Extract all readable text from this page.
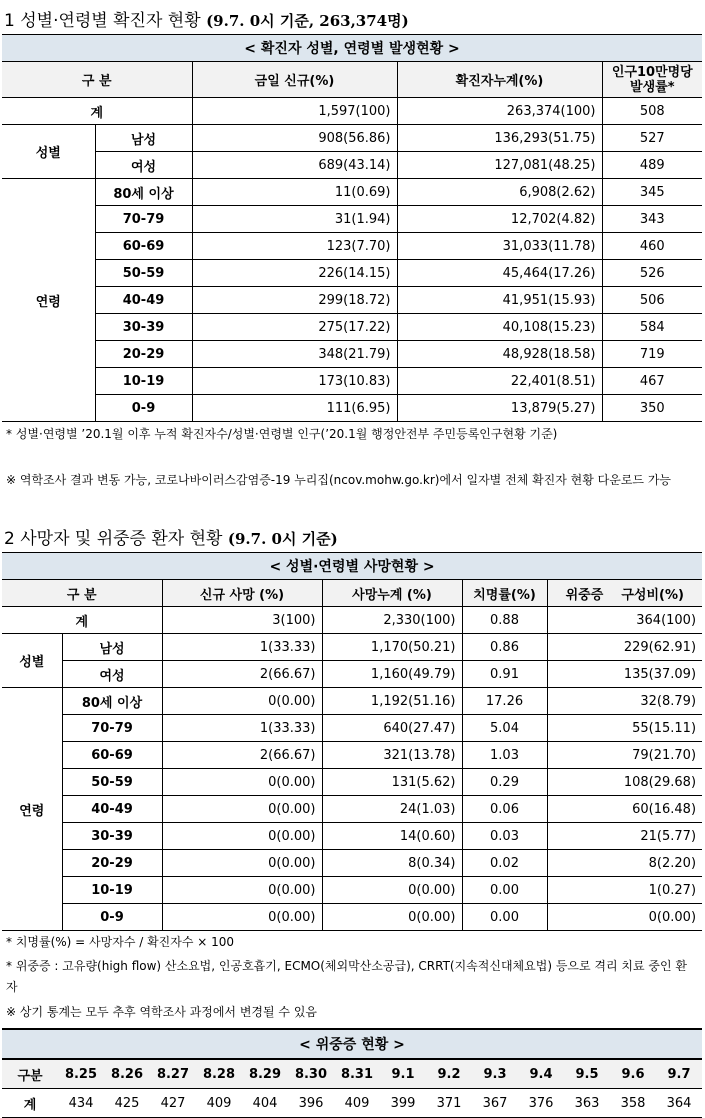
1 성별·연령별 확진자 현황 (9.7. 0시 기준, 263,374명)
< 확진자 성별, 연령별 발생현황 >				
구 분		금일 신규(%)	확진자누계(%)	인구10만명당
발생률*

계		1,597(100)	263,374(100)	508
성별	남성	908(56.86)	136,293(51.75)	527
	여성	689(43.14)	127,081(48.25)	489
연령	80세 이상	11(0.69)	6,908(2.62)	345
	70-79	31(1.94)	12,702(4.82)	343
	60-69	123(7.70)	31,033(11.78)	460
	50-59	226(14.15)	45,464(17.26)	526
	40-49	299(18.72)	41,951(15.93)	506
	30-39	275(17.22)	40,108(15.23)	584
	20-29	348(21.79)	48,928(18.58)	719
	10-19	173(10.83)	22,401(8.51)	467
	0-9	111(6.95)	13,879(5.27)	350
* 성별·연령별 ’20.1월 이후 누적 확진자수/성별·연령별 인구(’20.1월 행정안전부 주민등록인구현황 기준)
※ 역학조사 결과 변동 가능, 코로나바이러스감염증-19 누리집(ncov.mohw.go.kr)에서 일자별 전체 확진자 현황 다운로드 가능
2 사망자 및 위중증 환자 현황 (9.7. 0시 기준)
< 성별·연령별 사망현황 >					
구 분		신규 사망 (%)	사망누계 (%)	치명률(%)	위중증    구성비(%)
계		3(100)	2,330(100)	0.88	364(100)
성별	남성	1(33.33)	1,170(50.21)	0.86	229(62.91)
	여성	2(66.67)	1,160(49.79)	0.91	135(37.09)
연령	80세 이상	0(0.00)	1,192(51.16)	17.26	32(8.79)
	70-79	1(33.33)	640(27.47)	5.04	55(15.11)
	60-69	2(66.67)	321(13.78)	1.03	79(21.70)
	50-59	0(0.00)	131(5.62)	0.29	108(29.68)
	40-49	0(0.00)	24(1.03)	0.06	60(16.48)
	30-39	0(0.00)	14(0.60)	0.03	21(5.77)
	20-29	0(0.00)	8(0.34)	0.02	8(2.20)
	10-19	0(0.00)	0(0.00)	0.00	1(0.27)
	0-9	0(0.00)	0(0.00)	0.00	0(0.00)
* 치명률(%) = 사망자수 / 확진자수 × 100
* 위중증 : 고유량(high flow) 산소요법, 인공호흡기, ECMO(체외막산소공급), CRRT(지속적신대체요법) 등으로 격리 치료 중인 환자
※ 상기 통계는 모두 추후 역학조사 과정에서 변경될 수 있음
< 위중증 현황 >														
구분	8.25	8.26	8.27	8.28	8.29	8.30	8.31	9.1	9.2	9.3	9.4	9.5	9.6	9.7
계	434	425	427	409	404	396	409	399	371	367	376	363	358	364
